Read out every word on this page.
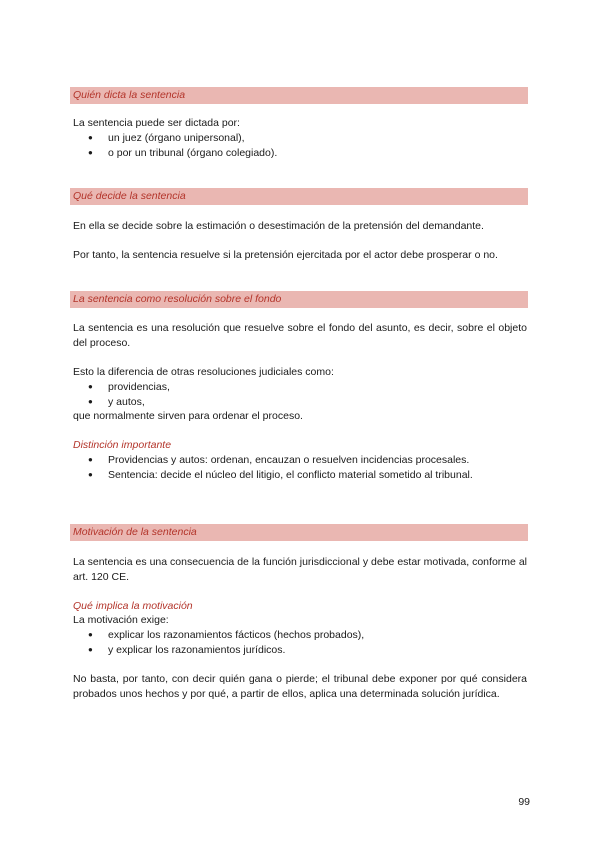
Quién dicta la sentencia

La sentencia puede ser dictada por:

● un juez (órgano unipersonal),
● o por un tribunal (órgano colegiado).
Qué decide la sentencia

En ella se decide sobre la estimación o desestimación de la pretensión del demandante.

Por tanto, la sentencia resuelve si la pretensión ejercitada por el actor debe prosperar o no.

La sentencia como resolución sobre el fondo

La sentencia es una resolución que resuelve sobre el fondo del asunto, es decir, sobre el objeto del proceso.

Esto la diferencia de otras resoluciones judiciales como:

● providencias,
● y autos,

que normalmente sirven para ordenar el proceso.

Distinción importante
● Providencias y autos: ordenan, encauzan o resuelven incidencias procesales.
● Sentencia: decide el núcleo del litigio, el conflicto material sometido al tribunal.
Motivación de la sentencia

La sentencia es una consecuencia de la función jurisdiccional y debe estar motivada, conforme al art. 120 CE.

Qué implica la motivación

La motivación exige:

● explicar los razonamientos fácticos (hechos probados),
● y explicar los razonamientos jurídicos.

No basta, por tanto, con decir quién gana o pierde; el tribunal debe exponer por qué considera probados unos hechos y por qué, a partir de ellos, aplica una determinada solución jurídica.

99
